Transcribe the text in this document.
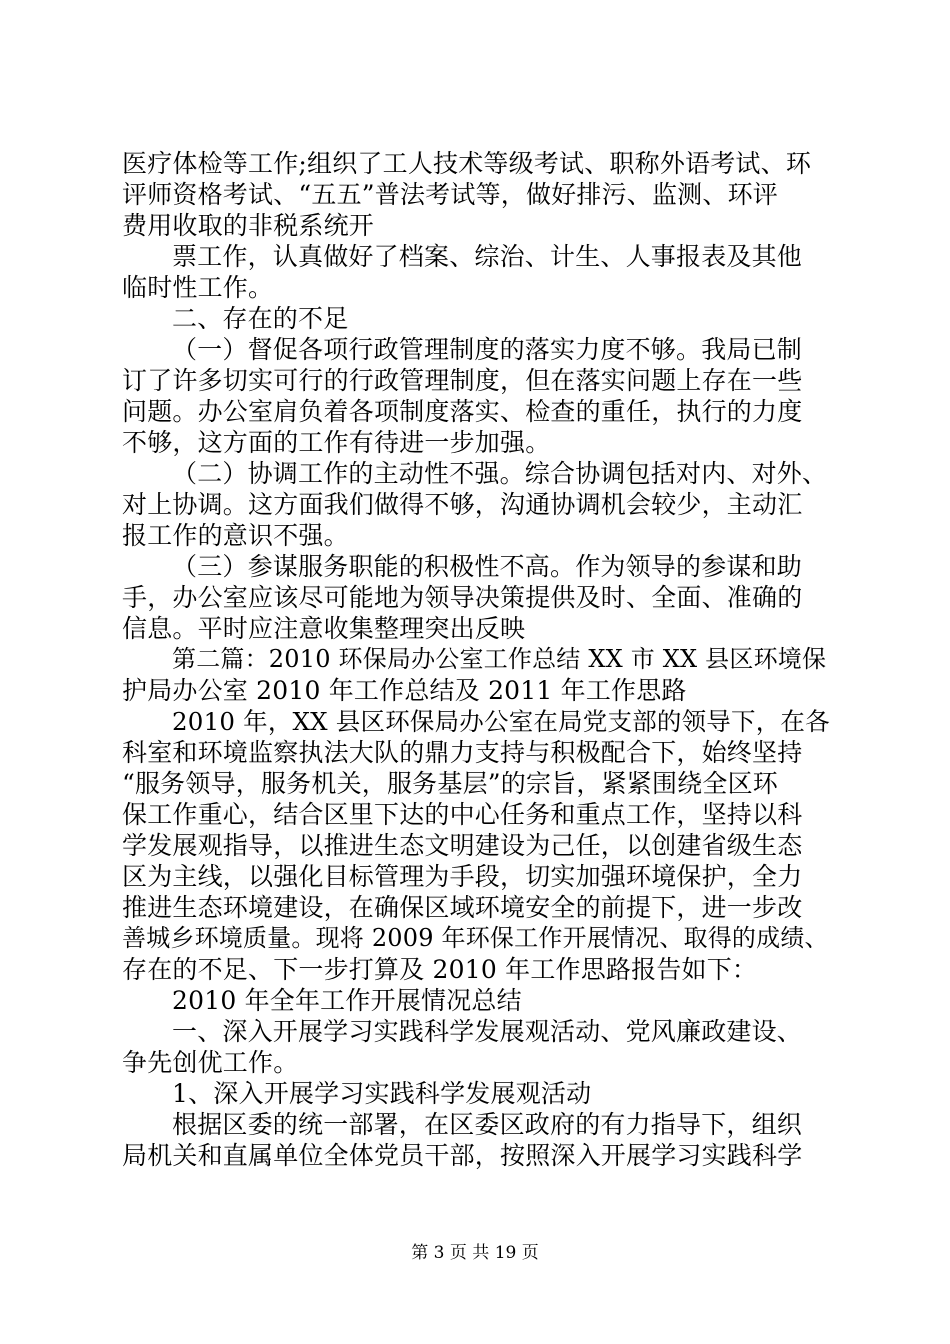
医疗体检等工作;组织了工人技术等级考试、职称外语考试、环
评师资格考试、“五五”普法考试等，做好排污、监测、环评
费用收取的非税系统开
票工作，认真做好了档案、综治、计生、人事报表及其他
临时性工作。
二、存在的不足
（一）督促各项行政管理制度的落实力度不够。我局已制
订了许多切实可行的行政管理制度，但在落实问题上存在一些
问题。办公室肩负着各项制度落实、检查的重任，执行的力度
不够，这方面的工作有待进一步加强。
（二）协调工作的主动性不强。综合协调包括对内、对外、
对上协调。这方面我们做得不够，沟通协调机会较少，主动汇
报工作的意识不强。
（三）参谋服务职能的积极性不高。作为领导的参谋和助
手，办公室应该尽可能地为领导决策提供及时、全面、准确的
信息。平时应注意收集整理突出反映
第二篇：2010 环保局办公室工作总结 XX 市 XX 县区环境保
护局办公室 2010 年工作总结及 2011 年工作思路
2010 年，XX 县区环保局办公室在局党支部的领导下，在各
科室和环境监察执法大队的鼎力支持与积极配合下，始终坚持
“服务领导，服务机关，服务基层”的宗旨，紧紧围绕全区环
保工作重心，结合区里下达的中心任务和重点工作，坚持以科
学发展观指导，以推进生态文明建设为己任，以创建省级生态
区为主线，以强化目标管理为手段，切实加强环境保护，全力
推进生态环境建设，在确保区域环境安全的前提下，进一步改
善城乡环境质量。现将 2009 年环保工作开展情况、取得的成绩、
存在的不足、下一步打算及 2010 年工作思路报告如下：
2010 年全年工作开展情况总结
一、深入开展学习实践科学发展观活动、党风廉政建设、
争先创优工作。
1、深入开展学习实践科学发展观活动
根据区委的统一部署，在区委区政府的有力指导下，组织
局机关和直属单位全体党员干部，按照深入开展学习实践科学
第 3 页 共 19 页
